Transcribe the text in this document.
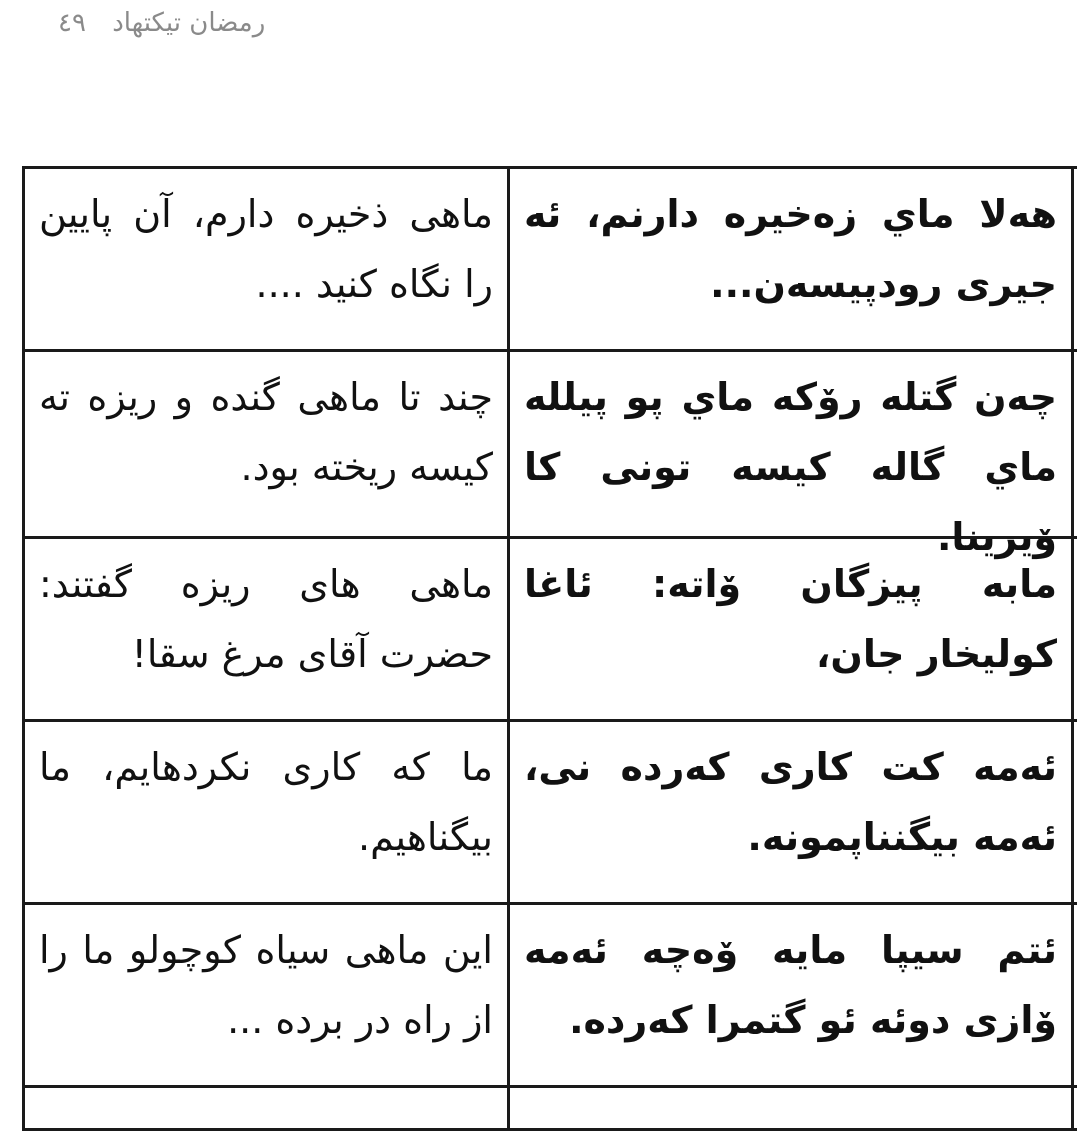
رمضان تیکتهاد ٤٩
ماهی ذخیره دارم، آن پایین را نگاه کنید ....
هەلا ماي زەخیره دارنم، ئه جیری رودپیسەن...
چند تا ماهی گنده و ریزه ته کیسه ریخته بود.
چەن گتله رۆکه ماي پو پیلله ماي گاله کیسه تونی کا ۆیرینا.
ماهی های ریزه گفتند: حضرت آقای مرغ سقا!
مابه پیزگان ۆاته: ئاغا کولیخار جان،
ما که کاری نکردهایم، ما بیگناهیم.
ئەمه کت کاری کەرده نی، ئەمه بیگنناپمونه.
این ماهی سیاه کوچولو ما را از راه در برده ...
ئتم سیپا مایه ۆەچه ئەمه ۆازی دوئه ئو گتمرا کەرده.
